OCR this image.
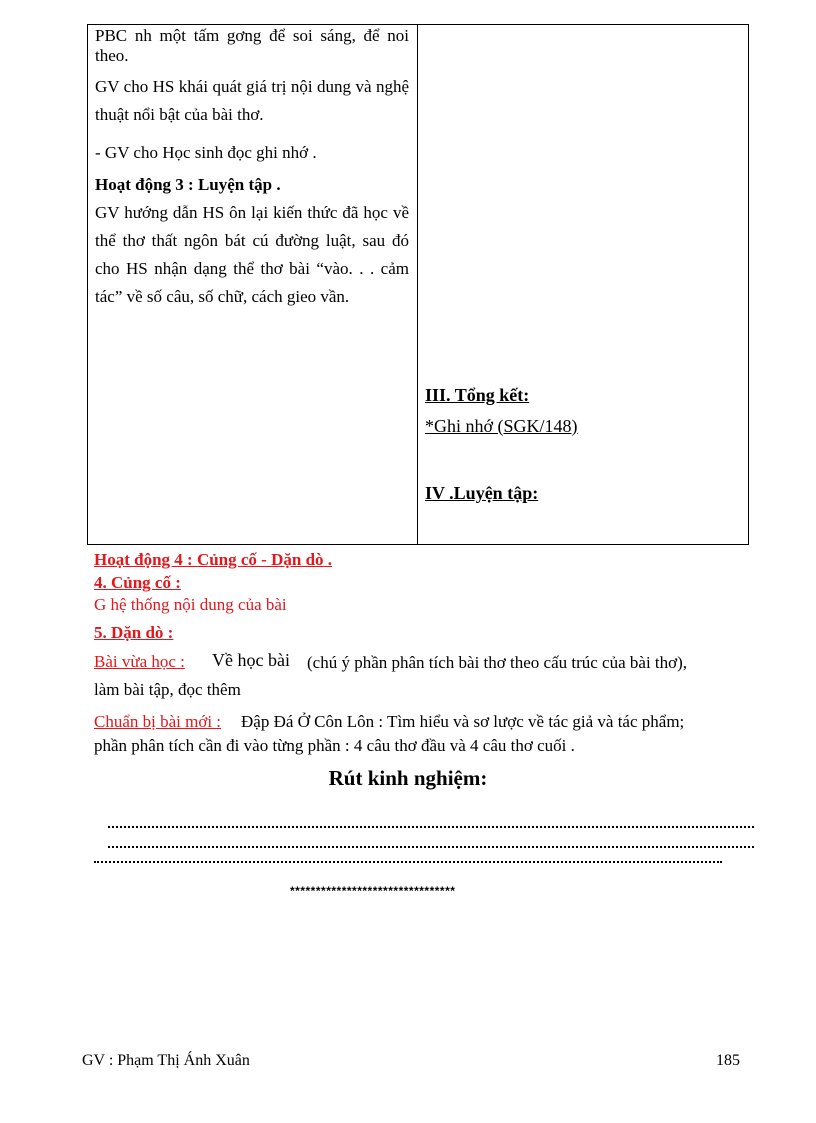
PBC nh một tấm gơng để soi sáng, để noi theo.

GV cho HS khái quát giá trị nội dung và nghệ thuật nổi bật của bài thơ.

- GV cho Học sinh đọc ghi nhớ .

Hoạt động 3 : Luyện tập .

GV hướng dẫn HS ôn lại kiến thức đã học về thể thơ thất ngôn bát cú đường luật, sau đó cho HS nhận dạng thể thơ bài “vào. . . cảm tác” về số câu, số chữ, cách gieo vần.

III. Tổng kết:
*Ghi nhớ (SGK/148)
IV .Luyện tập:
Hoạt động 4 : Củng cố - Dặn dò .
4. Củng cố :
G hệ thống nội dung của bài
5. Dặn dò :
Bài vừa học : Về học bài (chú ý phần phân tích bài thơ theo cấu trúc của bài thơ),
làm bài tập, đọc thêm
Chuẩn bị bài mới : Đập Đá Ở Côn Lôn : Tìm hiểu và sơ lược về tác giả và tác phẩm;
phần phân tích cần đi vào từng phần : 4 câu thơ đầu và 4 câu thơ cuối .
Rút kinh nghiệm:
********************************
GV : Phạm Thị Ánh Xuân	185
